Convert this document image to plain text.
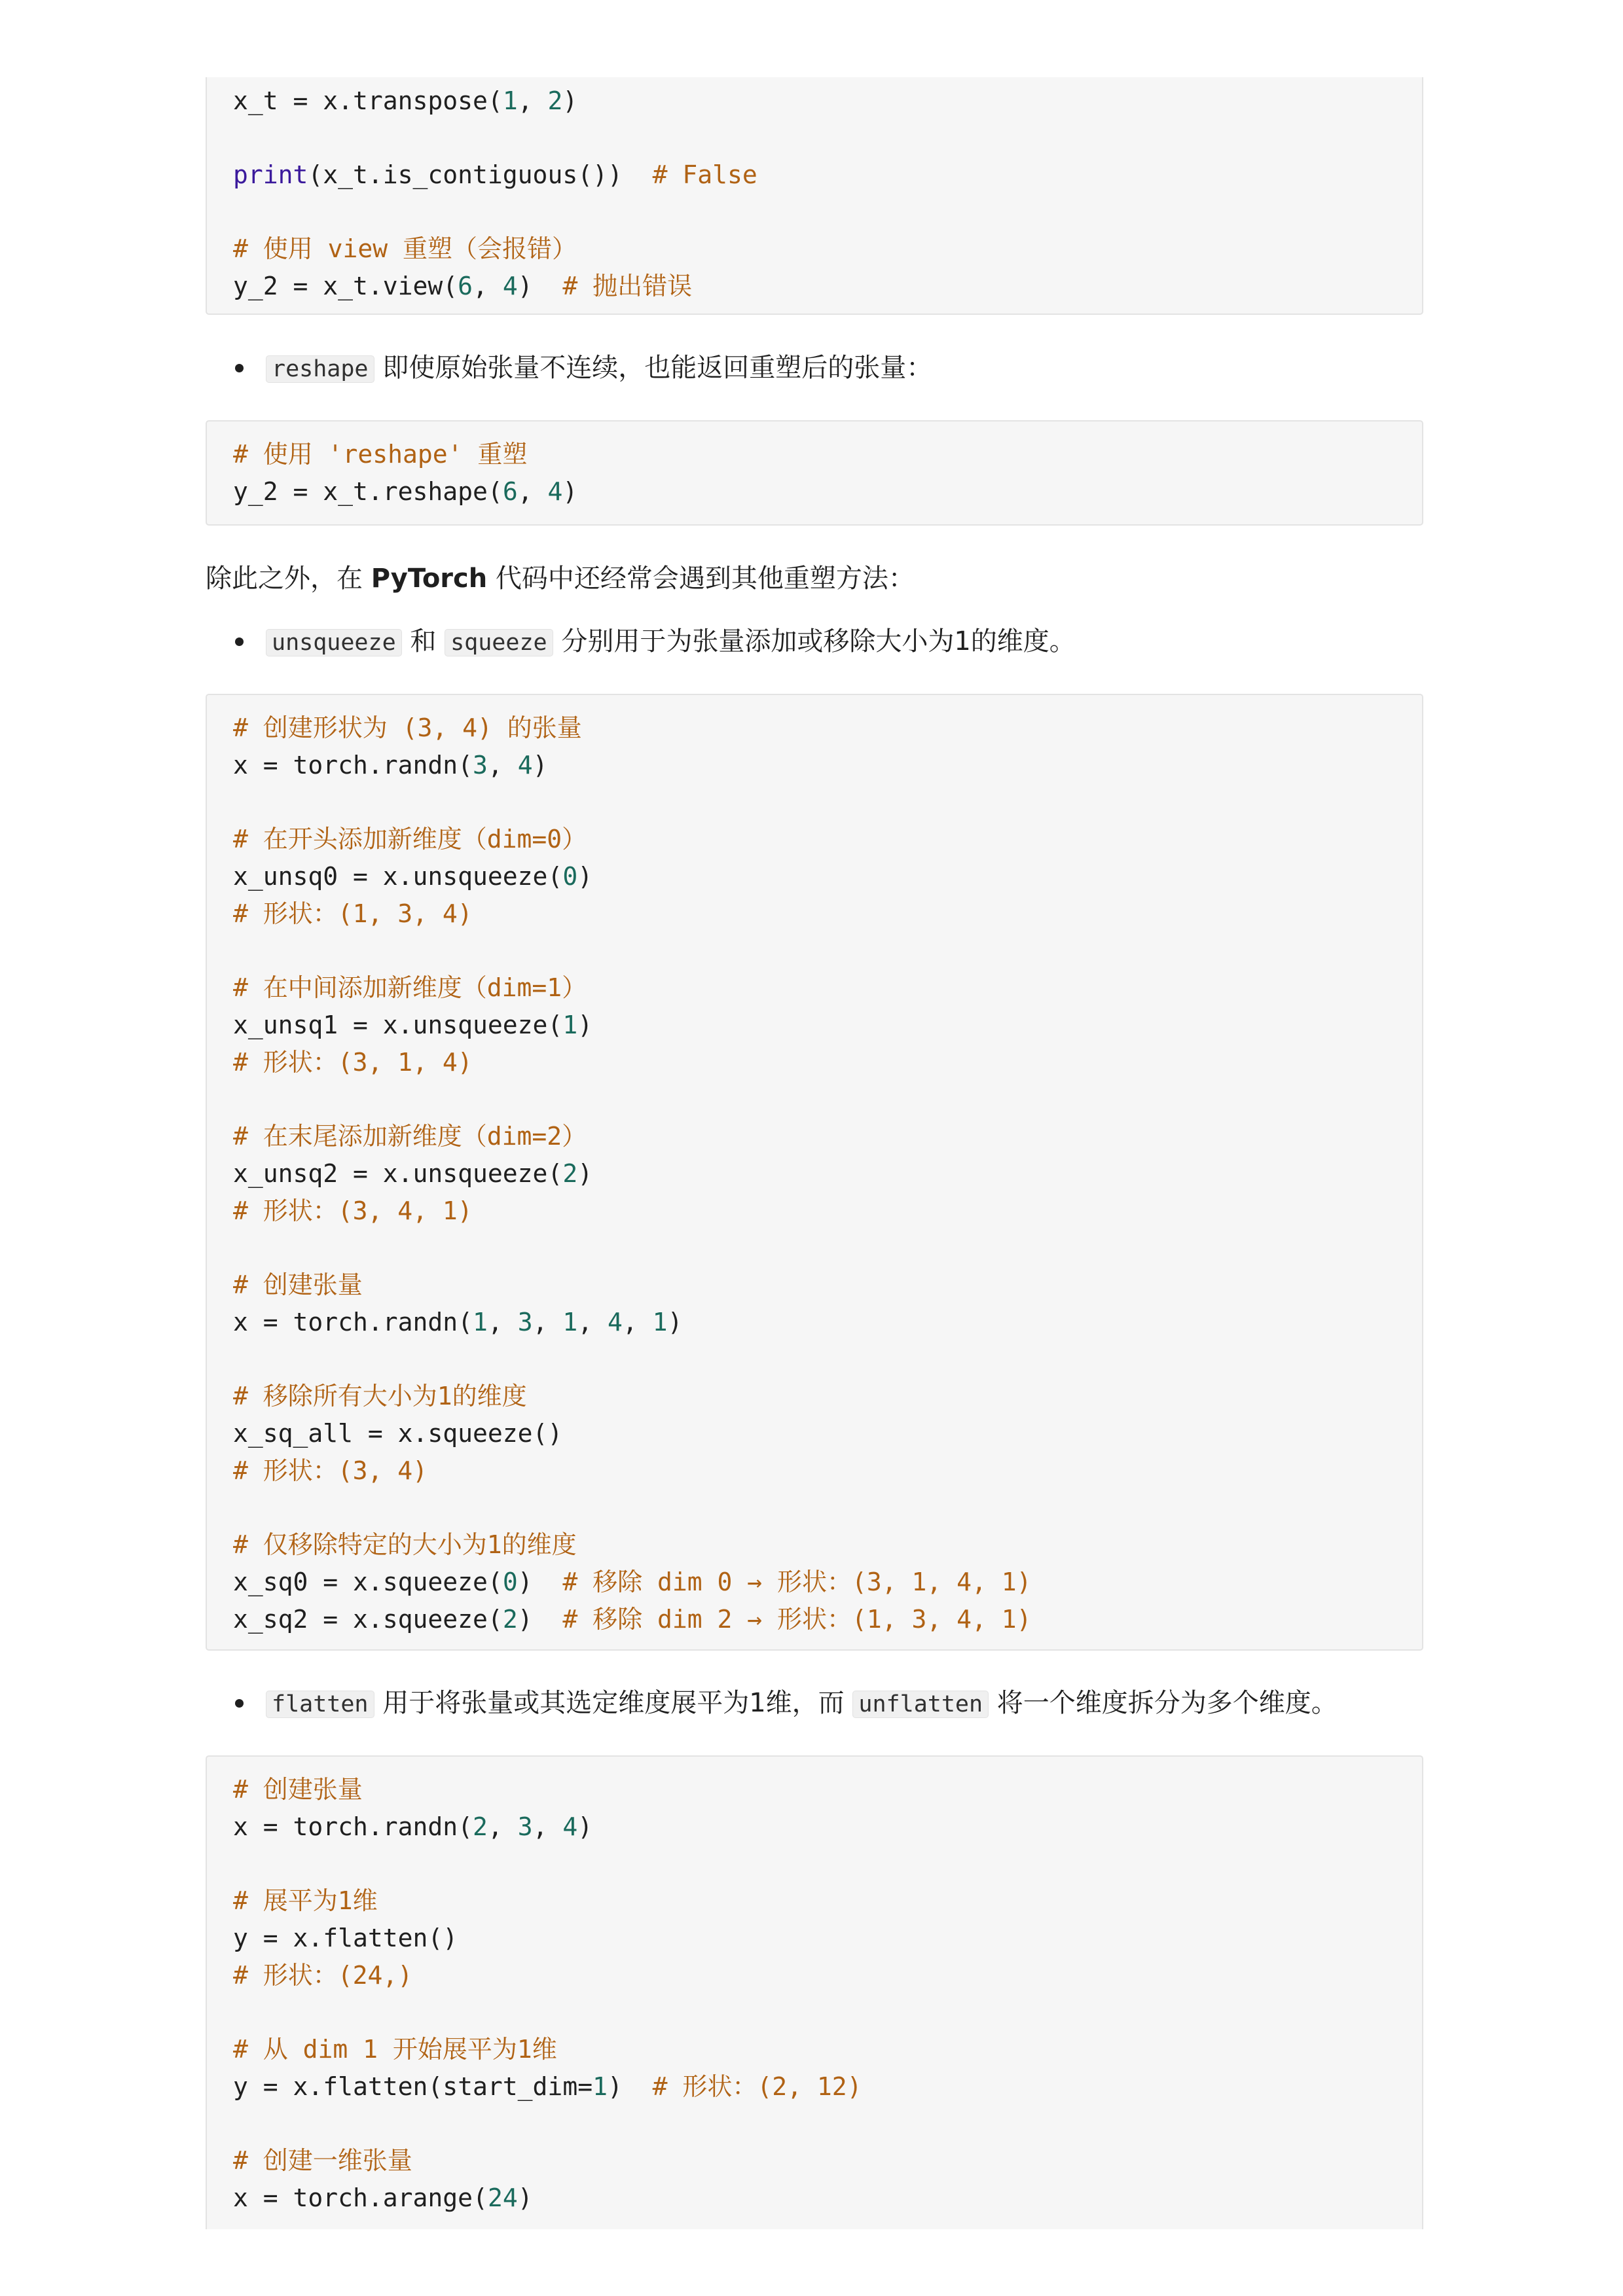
x_t = x.transpose(1, 2)
print(x_t.is_contiguous())  # False
# 使用 view 重塑（会报错）
y_2 = x_t.view(6, 4)  # 抛出错误
reshape 即使原始张量不连续，也能返回重塑后的张量：
# 使用 'reshape' 重塑
y_2 = x_t.reshape(6, 4)
除此之外，在 PyTorch 代码中还经常会遇到其他重塑方法：
unsqueeze 和 squeeze 分别用于为张量添加或移除大小为1的维度。
# 创建形状为 (3, 4) 的张量
x = torch.randn(3, 4)
# 在开头添加新维度（dim=0）
x_unsq0 = x.unsqueeze(0)
# 形状：(1, 3, 4)
# 在中间添加新维度（dim=1）
x_unsq1 = x.unsqueeze(1)
# 形状：(3, 1, 4)
# 在末尾添加新维度（dim=2）
x_unsq2 = x.unsqueeze(2)
# 形状：(3, 4, 1)
# 创建张量
x = torch.randn(1, 3, 1, 4, 1)
# 移除所有大小为1的维度
x_sq_all = x.squeeze()
# 形状：(3, 4)
# 仅移除特定的大小为1的维度
x_sq0 = x.squeeze(0)  # 移除 dim 0 → 形状：(3, 1, 4, 1)
x_sq2 = x.squeeze(2)  # 移除 dim 2 → 形状：(1, 3, 4, 1)
flatten 用于将张量或其选定维度展平为1维，而 unflatten 将一个维度拆分为多个维度。
# 创建张量
x = torch.randn(2, 3, 4)
# 展平为1维
y = x.flatten()
# 形状：(24,)
# 从 dim 1 开始展平为1维
y = x.flatten(start_dim=1)  # 形状：(2, 12)
# 创建一维张量
x = torch.arange(24)
